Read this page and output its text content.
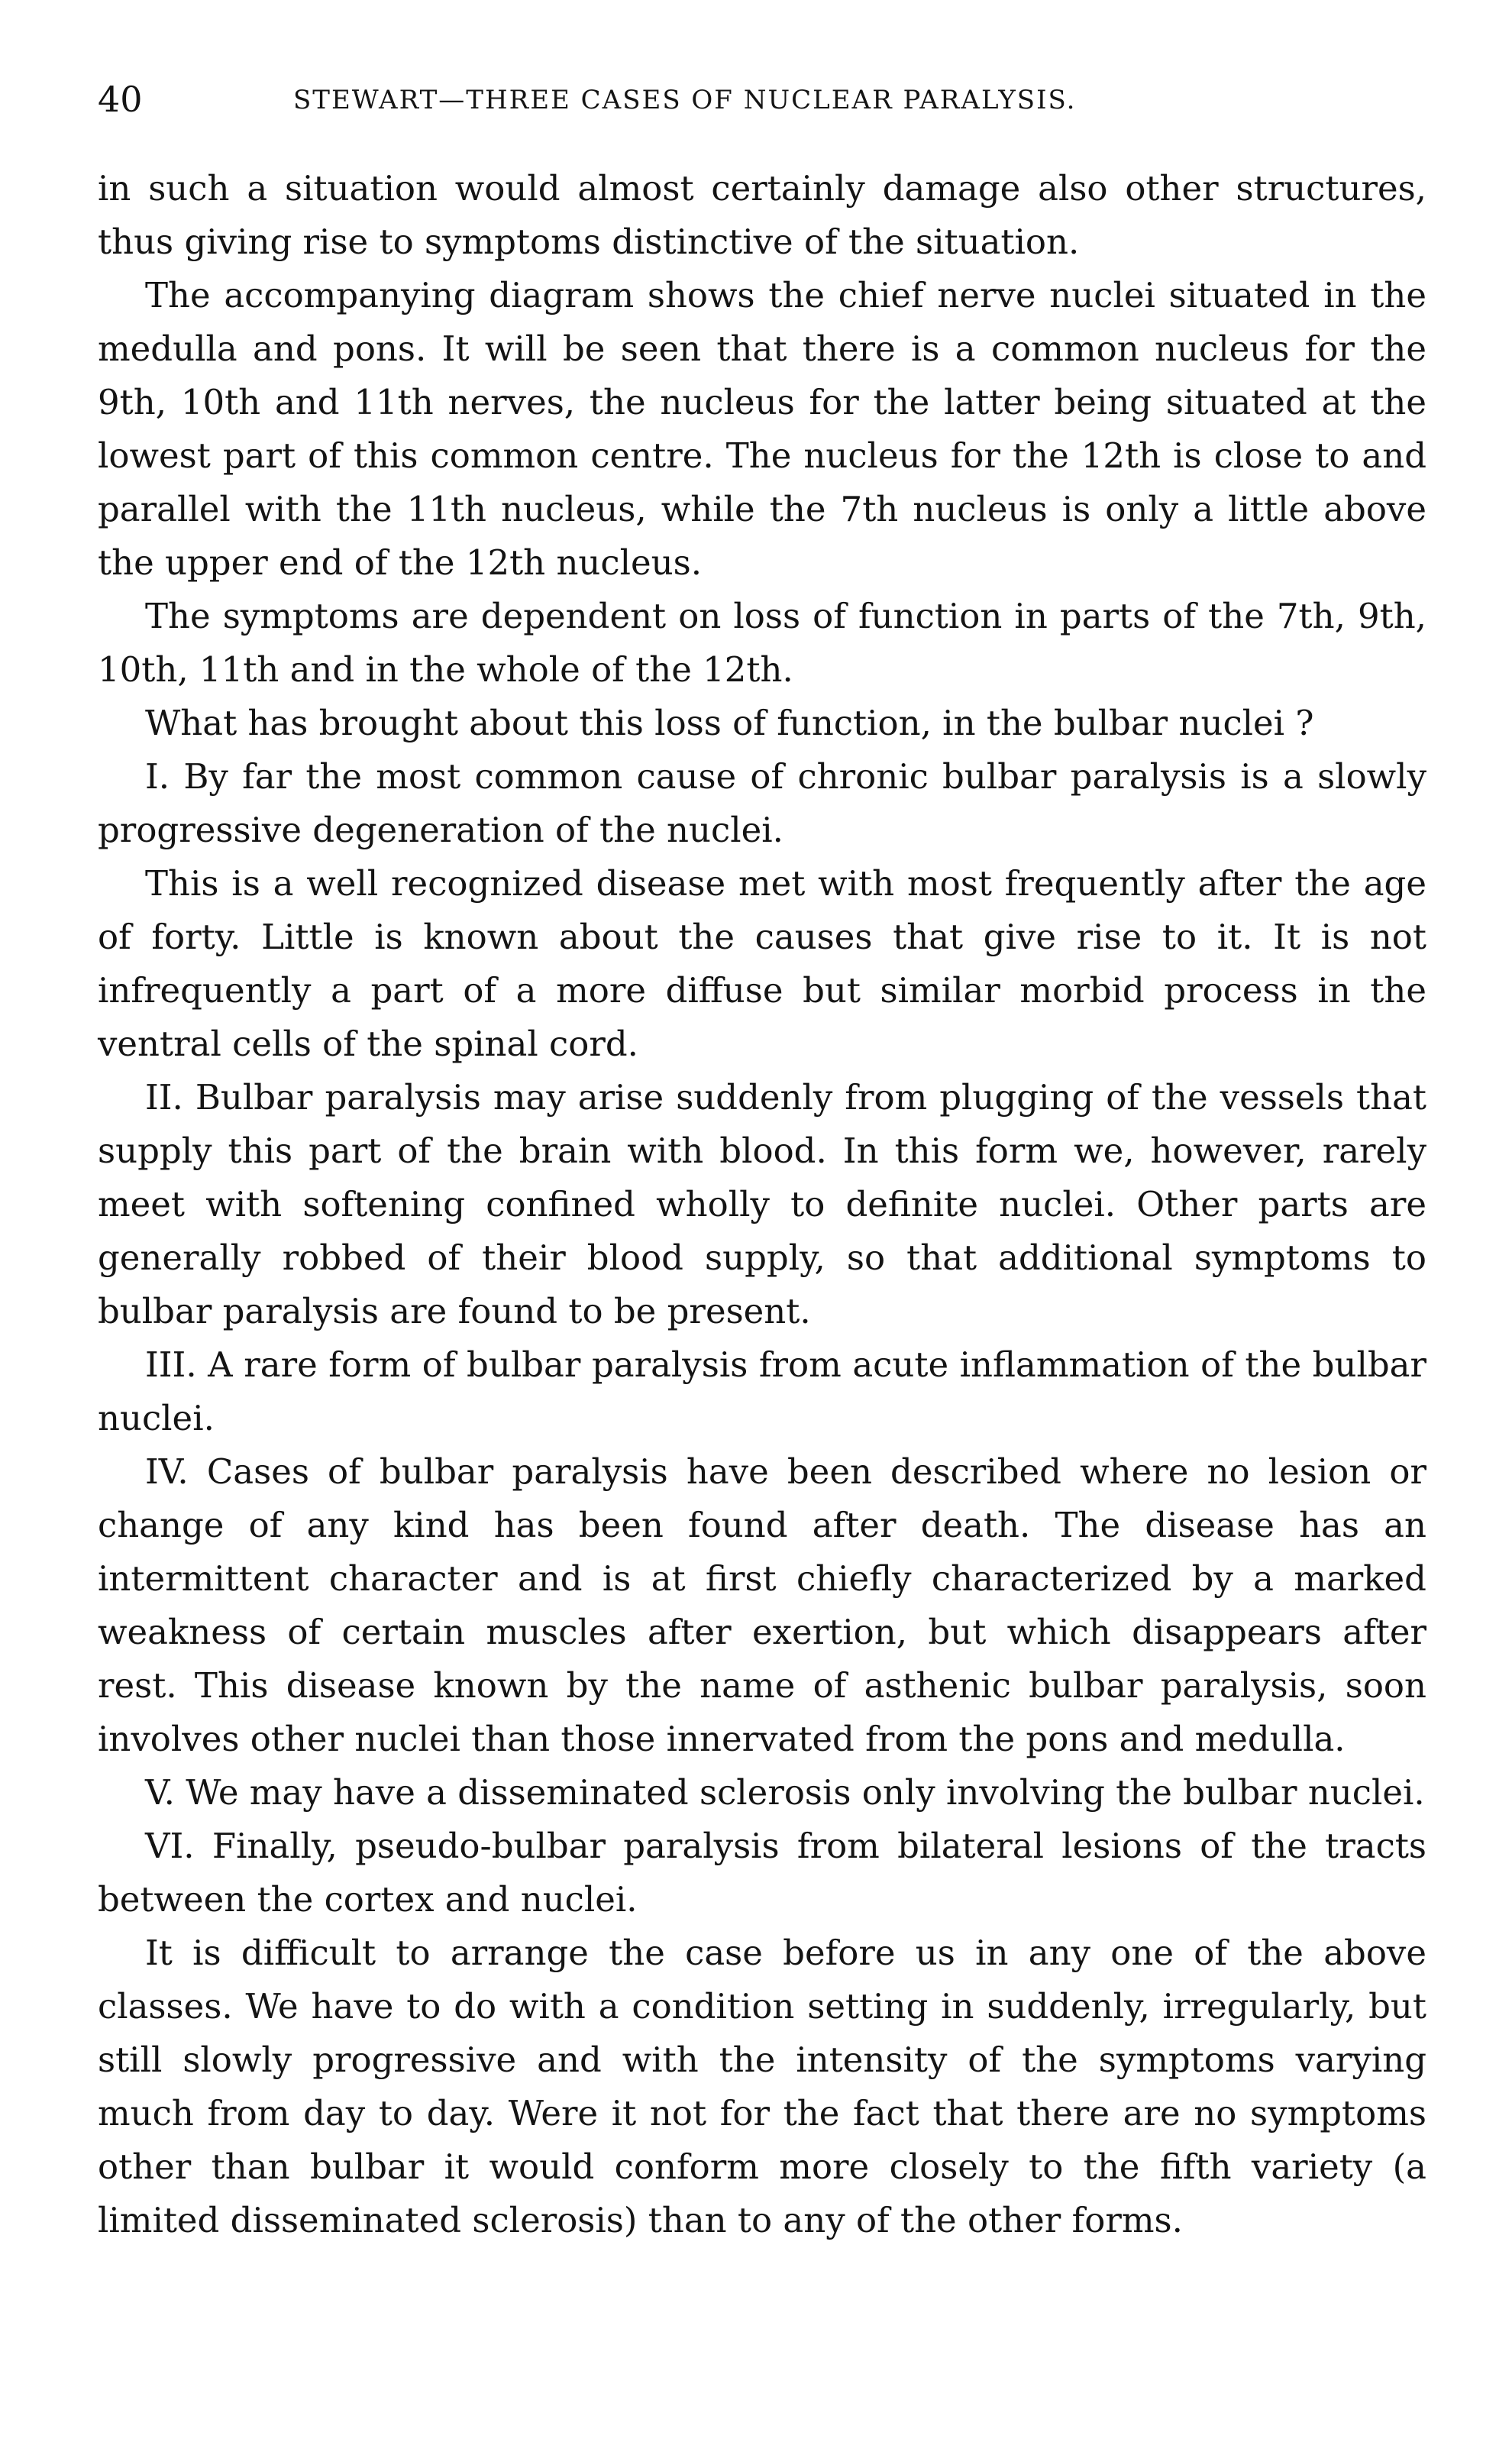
40	STEWART—THREE CASES OF NUCLEAR PARALYSIS.

in such a situation would almost certainly damage also other structures, thus giving rise to symptoms distinctive of the situation.

The accompanying diagram shows the chief nerve nuclei situated in the medulla and pons. It will be seen that there is a common nucleus for the 9th, 10th and 11th nerves, the nucleus for the latter being situated at the lowest part of this common centre. The nucleus for the 12th is close to and parallel with the 11th nucleus, while the 7th nucleus is only a little above the upper end of the 12th nucleus.

The symptoms are dependent on loss of function in parts of the 7th, 9th, 10th, 11th and in the whole of the 12th.

What has brought about this loss of function, in the bulbar nuclei ?

I. By far the most common cause of chronic bulbar paralysis is a slowly progressive degeneration of the nuclei.

This is a well recognized disease met with most frequently after the age of forty. Little is known about the causes that give rise to it. It is not infrequently a part of a more diffuse but similar morbid process in the ventral cells of the spinal cord.

II. Bulbar paralysis may arise suddenly from plugging of the vessels that supply this part of the brain with blood. In this form we, however, rarely meet with softening confined wholly to definite nuclei. Other parts are generally robbed of their blood supply, so that additional symptoms to bulbar paralysis are found to be present.

III. A rare form of bulbar paralysis from acute inflammation of the bulbar nuclei.

IV. Cases of bulbar paralysis have been described where no lesion or change of any kind has been found after death. The disease has an intermittent character and is at first chiefly characterized by a marked weakness of certain muscles after exertion, but which disappears after rest. This disease known by the name of asthenic bulbar paralysis, soon involves other nuclei than those innervated from the pons and medulla.

V. We may have a disseminated sclerosis only involving the bulbar nuclei.

VI. Finally, pseudo-bulbar paralysis from bilateral lesions of the tracts between the cortex and nuclei.

It is difficult to arrange the case before us in any one of the above classes. We have to do with a condition setting in suddenly, irregularly, but still slowly progressive and with the intensity of the symptoms varying much from day to day. Were it not for the fact that there are no symptoms other than bulbar it would conform more closely to the fifth variety (a limited disseminated sclerosis) than to any of the other forms.
